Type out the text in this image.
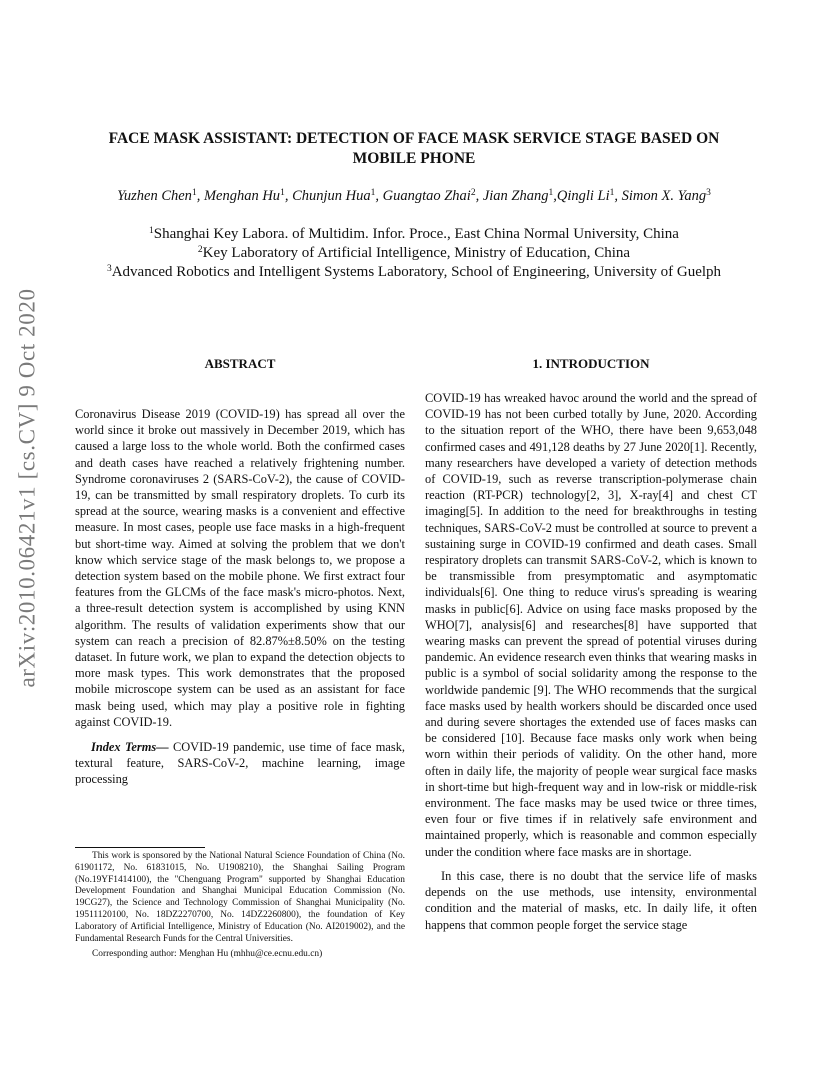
arXiv:2010.06421v1 [cs.CV] 9 Oct 2020
FACE MASK ASSISTANT: DETECTION OF FACE MASK SERVICE STAGE BASED ON
MOBILE PHONE
Yuzhen Chen$^1$, Menghan Hu$^1$, Chunjun Hua$^1$, Guangtao Zhai$^2$, Jian Zhang$^1$,Qingli Li$^1$, Simon X. Yang$^3$
$^1$Shanghai Key Labora. of Multidim. Infor. Proce., East China Normal University, China
$^2$Key Laboratory of Artificial Intelligence, Ministry of Education, China
$^3$Advanced Robotics and Intelligent Systems Laboratory, School of Engineering, University of Guelph
ABSTRACT

Coronavirus Disease 2019 (COVID-19) has spread all over the world since it broke out massively in December 2019, which has caused a large loss to the whole world. Both the confirmed cases and death cases have reached a relatively frightening number. Syndrome coronaviruses 2 (SARS-CoV-2), the cause of COVID-19, can be transmitted by small respiratory droplets. To curb its spread at the source, wearing masks is a convenient and effective measure. In most cases, people use face masks in a high-frequent but short-time way. Aimed at solving the problem that we don't know which service stage of the mask belongs to, we propose a detection system based on the mobile phone. We first extract four features from the GLCMs of the face mask's micro-photos. Next, a three-result detection system is accomplished by using KNN algorithm. The results of validation experiments show that our system can reach a precision of 82.87%±8.50% on the testing dataset. In future work, we plan to expand the detection objects to more mask types. This work demonstrates that the proposed mobile microscope system can be used as an assistant for face mask being used, which may play a positive role in fighting against COVID-19.

Index Terms— COVID-19 pandemic, use time of face mask, textural feature, SARS-CoV-2, machine learning, image processing

This work is sponsored by the National Natural Science Foundation of China (No. 61901172, No. 61831015, No. U1908210), the Shanghai Sailing Program (No.19YF1414100), the "Chenguang Program" supported by Shanghai Education Development Foundation and Shanghai Municipal Education Commission (No. 19CG27), the Science and Technology Commission of Shanghai Municipality (No. 19511120100, No. 18DZ2270700, No. 14DZ2260800), the foundation of Key Laboratory of Artificial Intelligence, Ministry of Education (No. AI2019002), and the Fundamental Research Funds for the Central Universities.

Corresponding author: Menghan Hu (mhhu@ce.ecnu.edu.cn)

1. INTRODUCTION

COVID-19 has wreaked havoc around the world and the spread of COVID-19 has not been curbed totally by June, 2020. According to the situation report of the WHO, there have been 9,653,048 confirmed cases and 491,128 deaths by 27 June 2020[1]. Recently, many researchers have developed a variety of detection methods of COVID-19, such as reverse transcription-polymerase chain reaction (RT-PCR) technology[2, 3], X-ray[4] and chest CT imaging[5]. In addition to the need for breakthroughs in testing techniques, SARS-CoV-2 must be controlled at source to prevent a sustaining surge in COVID-19 confirmed and death cases. Small respiratory droplets can transmit SARS-CoV-2, which is known to be transmissible from presymptomatic and asymptomatic individuals[6]. One thing to reduce virus's spreading is wearing masks in public[6]. Advice on using face masks proposed by the WHO[7], analysis[6] and researches[8] have supported that wearing masks can prevent the spread of potential viruses during pandemic. An evidence research even thinks that wearing masks in public is a symbol of social solidarity among the response to the worldwide pandemic [9]. The WHO recommends that the surgical face masks used by health workers should be discarded once used and during severe shortages the extended use of faces masks can be considered [10]. Because face masks only work when being worn within their periods of validity. On the other hand, more often in daily life, the majority of people wear surgical face masks in short-time but high-frequent way and in low-risk or middle-risk environment. The face masks may be used twice or three times, even four or five times if in relatively safe environment and maintained properly, which is reasonable and common especially under the condition where face masks are in shortage.

In this case, there is no doubt that the service life of masks depends on the use methods, use intensity, environmental condition and the material of masks, etc. In daily life, it often happens that common people forget the service stage
